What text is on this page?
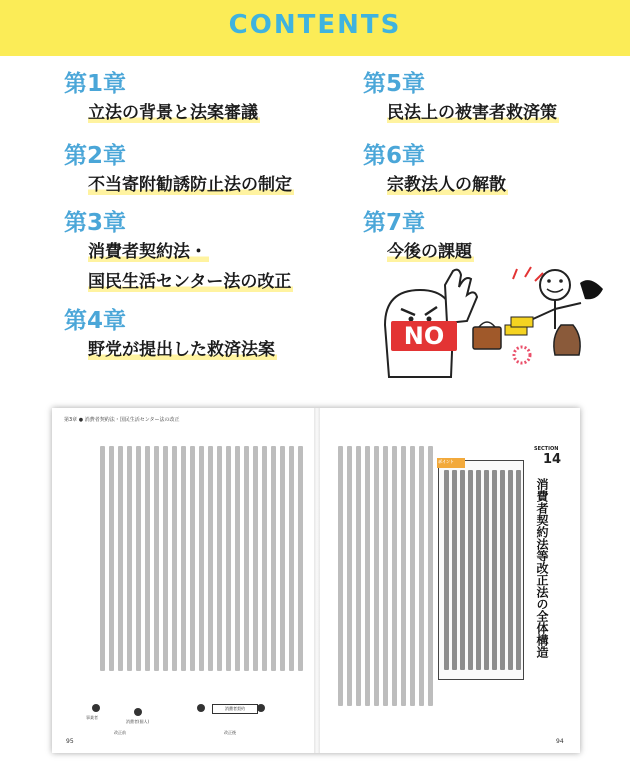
CONTENTS
第1章
立法の背景と法案審議
第2章
不当寄附勧誘防止法の制定
第3章
消費者契約法・
国民生活センター法の改正
第4章
野党が提出した救済法案
第5章
民法上の被害者救済策
第6章
宗教法人の解散
第7章
今後の課題
NO
第3章 ● 消費者契約法・国民生活センター法の改正
95	94
SECTION
14
消費者契約法等改正法の全体構造
ポイント
消費者契約
事業者
消費者(個人)
改正前	改正後
